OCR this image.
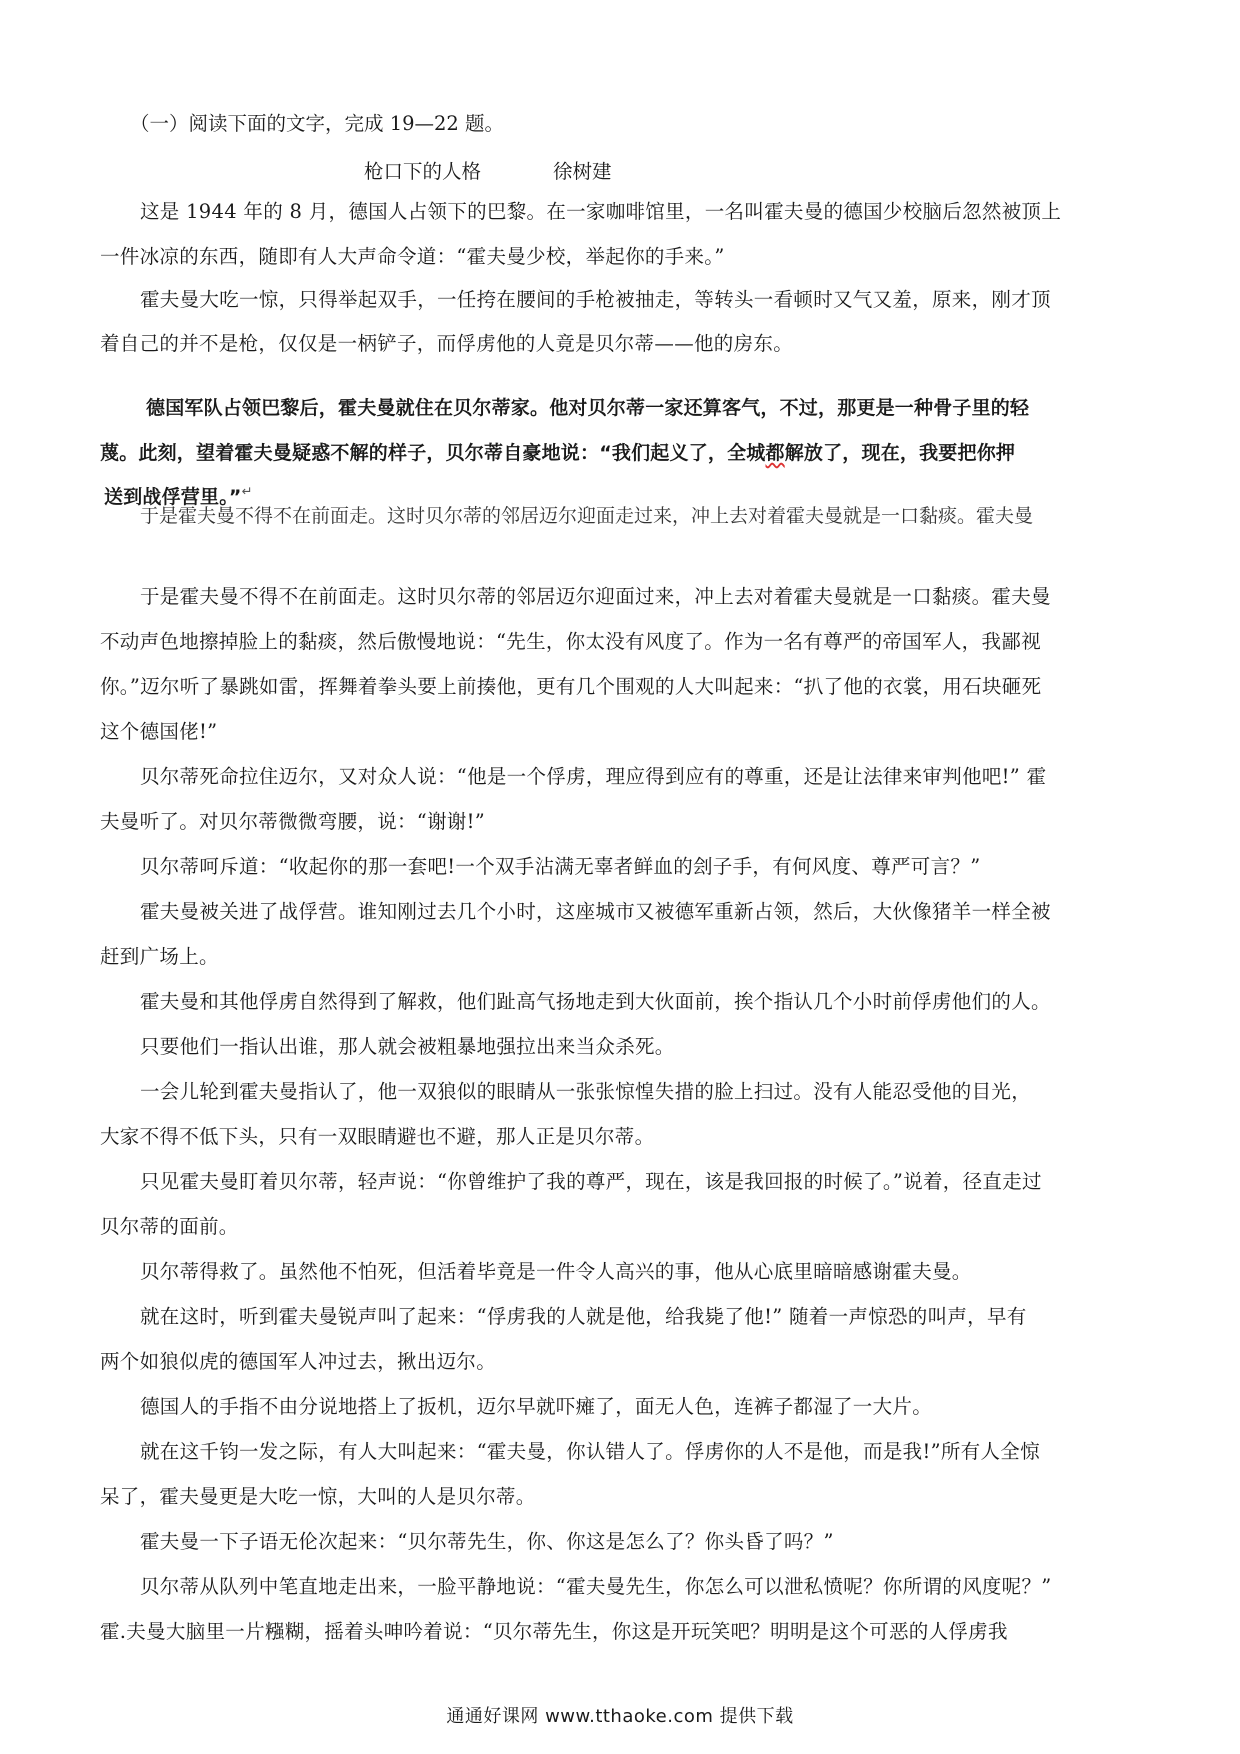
（一）阅读下面的文字，完成 19—22 题。
枪口下的人格	徐树建
这是 1944 年的 8 月，德国人占领下的巴黎。在一家咖啡馆里，一名叫霍夫曼的德国少校脑后忽然被顶上
一件冰凉的东西，随即有人大声命令道：“霍夫曼少校，举起你的手来。”
霍夫曼大吃一惊，只得举起双手，一任挎在腰间的手枪被抽走，等转头一看顿时又气又羞，原来，刚才顶
着自己的并不是枪，仅仅是一柄铲子，而俘虏他的人竟是贝尔蒂——他的房东。
德国军队占领巴黎后，霍夫曼就住在贝尔蒂家。他对贝尔蒂一家还算客气，不过，那更是一种骨子里的轻
蔑。此刻，望着霍夫曼疑惑不解的样子，贝尔蒂自豪地说：“我们起义了，全城都解放了，现在，我要把你押
送到战俘营里。”↵
于是霍夫曼不得不在前面走。这时贝尔蒂的邻居迈尔迎面走过来，冲上去对着霍夫曼就是一口黏痰。霍夫曼
于是霍夫曼不得不在前面走。这时贝尔蒂的邻居迈尔迎面过来，冲上去对着霍夫曼就是一口黏痰。霍夫曼
不动声色地擦掉脸上的黏痰，然后傲慢地说：“先生，你太没有风度了。作为一名有尊严的帝国军人，我鄙视
你。”迈尔听了暴跳如雷，挥舞着拳头要上前揍他，更有几个围观的人大叫起来：“扒了他的衣裳，用石块砸死
这个德国佬!”
贝尔蒂死命拉住迈尔，又对众人说：“他是一个俘虏，理应得到应有的尊重，还是让法律来审判他吧!” 霍
夫曼听了。对贝尔蒂微微弯腰，说：“谢谢!”
贝尔蒂呵斥道：“收起你的那一套吧!一个双手沾满无辜者鲜血的刽子手，有何风度、尊严可言？”
霍夫曼被关进了战俘营。谁知刚过去几个小时，这座城市又被德军重新占领，然后，大伙像猪羊一样全被
赶到广场上。
霍夫曼和其他俘虏自然得到了解救，他们趾高气扬地走到大伙面前，挨个指认几个小时前俘虏他们的人。
只要他们一指认出谁，那人就会被粗暴地强拉出来当众杀死。
一会儿轮到霍夫曼指认了，他一双狼似的眼睛从一张张惊惶失措的脸上扫过。没有人能忍受他的目光，
大家不得不低下头，只有一双眼睛避也不避，那人正是贝尔蒂。
只见霍夫曼盯着贝尔蒂，轻声说：“你曾维护了我的尊严，现在，该是我回报的时候了。”说着，径直走过
贝尔蒂的面前。
贝尔蒂得救了。虽然他不怕死，但活着毕竟是一件令人高兴的事，他从心底里暗暗感谢霍夫曼。
就在这时，听到霍夫曼锐声叫了起来：“俘虏我的人就是他，给我毙了他!” 随着一声惊恐的叫声，早有
两个如狼似虎的德国军人冲过去，揪出迈尔。
德国人的手指不由分说地搭上了扳机，迈尔早就吓瘫了，面无人色，连裤子都湿了一大片。
就在这千钧一发之际，有人大叫起来：“霍夫曼，你认错人了。俘虏你的人不是他，而是我!”所有人全惊
呆了，霍夫曼更是大吃一惊，大叫的人是贝尔蒂。
霍夫曼一下子语无伦次起来：“贝尔蒂先生，你、你这是怎么了？你头昏了吗？”
贝尔蒂从队列中笔直地走出来，一脸平静地说：“霍夫曼先生，你怎么可以泄私愤呢？你所谓的风度呢？”
霍.夫曼大脑里一片糨糊，摇着头呻吟着说：“贝尔蒂先生，你这是开玩笑吧？明明是这个可恶的人俘虏我
通通好课网 www.tthaoke.com 提供下载
